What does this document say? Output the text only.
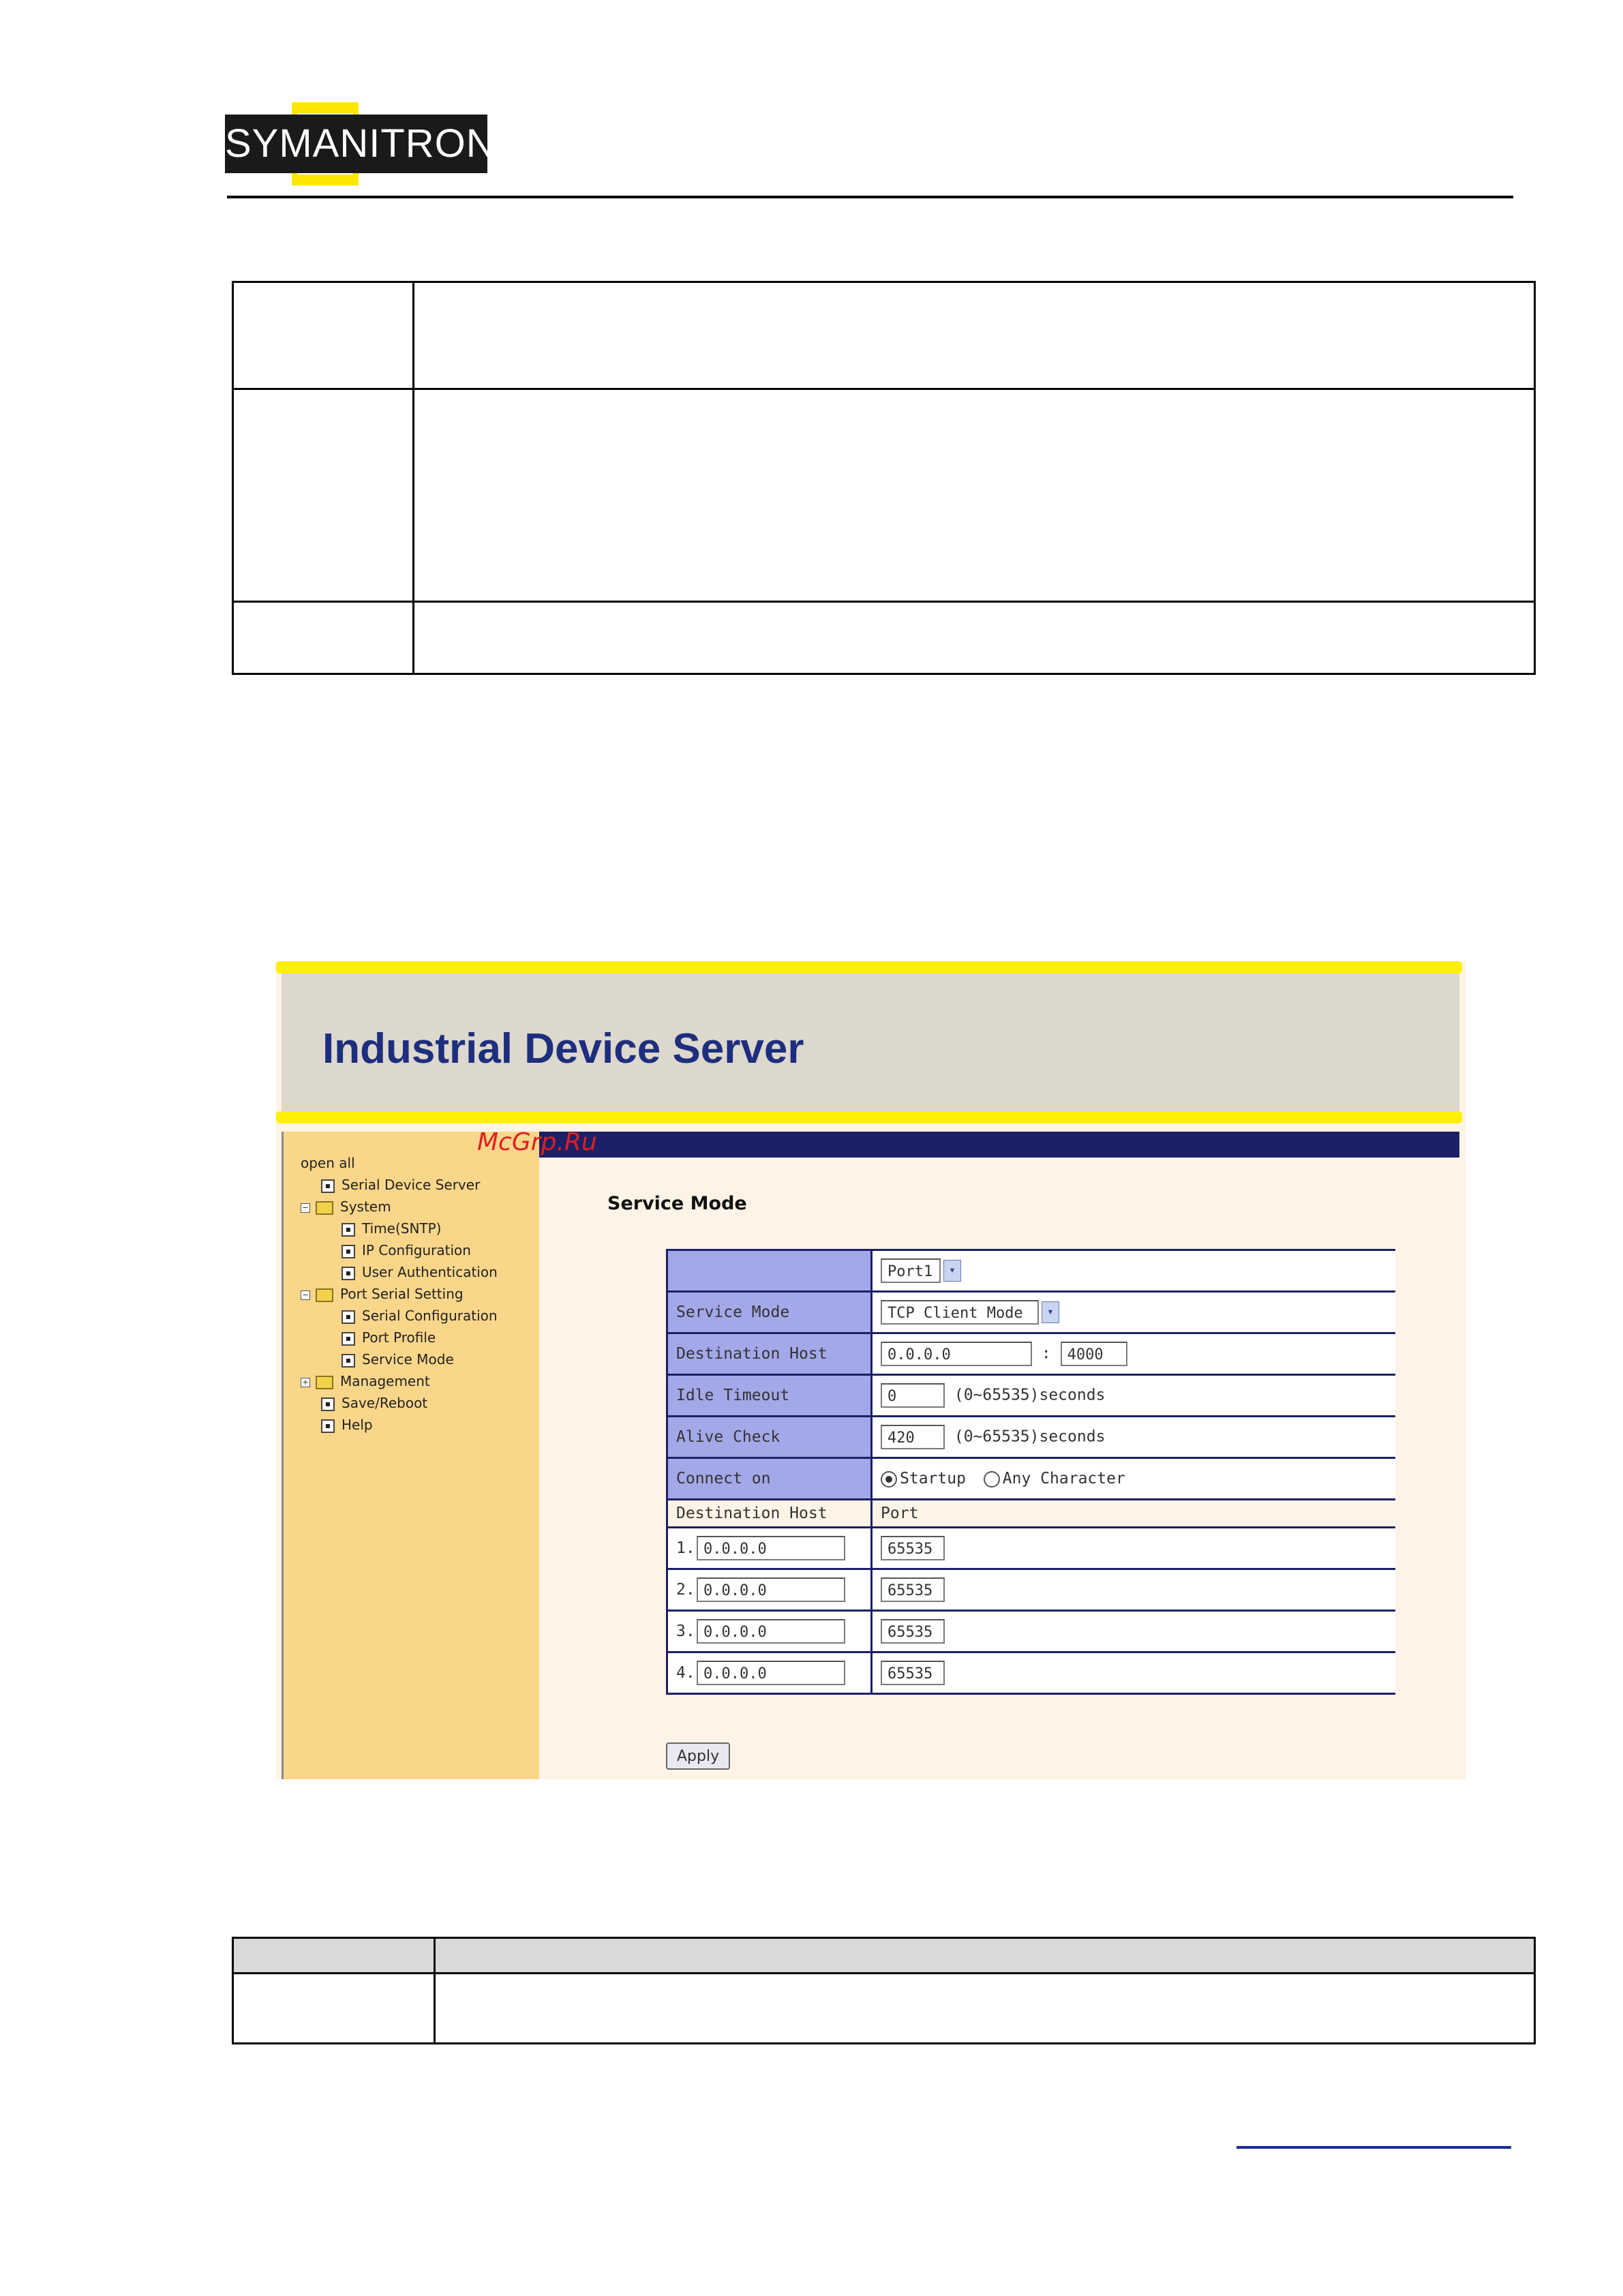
SYMANITRON

Industrial Device Server
open all
▪ Serial Device Server
− System
▪ Time(SNTP)
▪ IP Configuration
▪ User Authentication
− Port Serial Setting
▪ Serial Configuration
▪ Port Profile
▪ Service Mode
+ Management
▪ Save/Reboot
▪ Help
Service Mode
	Port1 ▾
Service Mode	TCP Client Mode ▾
Destination Host	0.0.0.0 : 4000
Idle Timeout	0 (0~65535)seconds
Alive Check	420 (0~65535)seconds
Connect on	Startup Any Character
Destination Host	Port
1. 0.0.0.0	65535
2. 0.0.0.0	65535
3. 0.0.0.0	65535
4. 0.0.0.0	65535
Apply
McGrp.Ru
